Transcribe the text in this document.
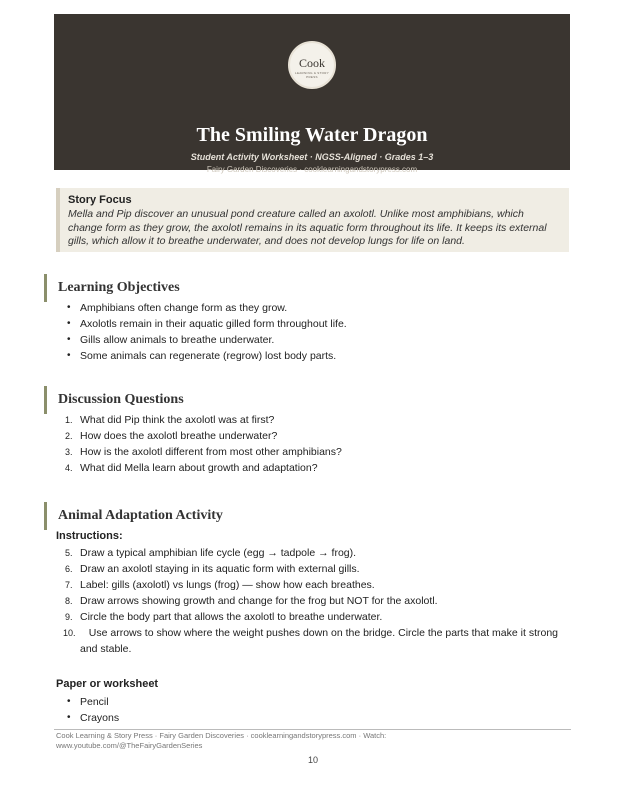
Cook
LEARNING & STORY PRESS
The Smiling Water Dragon
Student Activity Worksheet · NGSS-Aligned · Grades 1–3
Fairy Garden Discoveries · cooklearningandstorypress.com
Story Focus
Mella and Pip discover an unusual pond creature called an axolotl. Unlike most amphibians, which change form as they grow, the axolotl remains in its aquatic form throughout its life. It keeps its external gills, which allow it to breathe underwater, and does not develop lungs for life on land.
Learning Objectives
• Amphibians often change form as they grow.
• Axolotls remain in their aquatic gilled form throughout life.
• Gills allow animals to breathe underwater.
• Some animals can regenerate (regrow) lost body parts.
Discussion Questions
1. What did Pip think the axolotl was at first?
2. How does the axolotl breathe underwater?
3. How is the axolotl different from most other amphibians?
4. What did Mella learn about growth and adaptation?
Animal Adaptation Activity
Instructions:
5. Draw a typical amphibian life cycle (egg → tadpole → frog).
6. Draw an axolotl staying in its aquatic form with external gills.
7. Label: gills (axolotl) vs lungs (frog) — show how each breathes.
8. Draw arrows showing growth and change for the frog but NOT for the axolotl.
9. Circle the body part that allows the axolotl to breathe underwater.
10. Use arrows to show where the weight pushes down on the bridge. Circle the parts that make it strong and stable.
Paper or worksheet
• Pencil
• Crayons
Cook Learning & Story Press · Fairy Garden Discoveries · cooklearningandstorypress.com · Watch: www.youtube.com/@TheFairyGardenSeries
10
